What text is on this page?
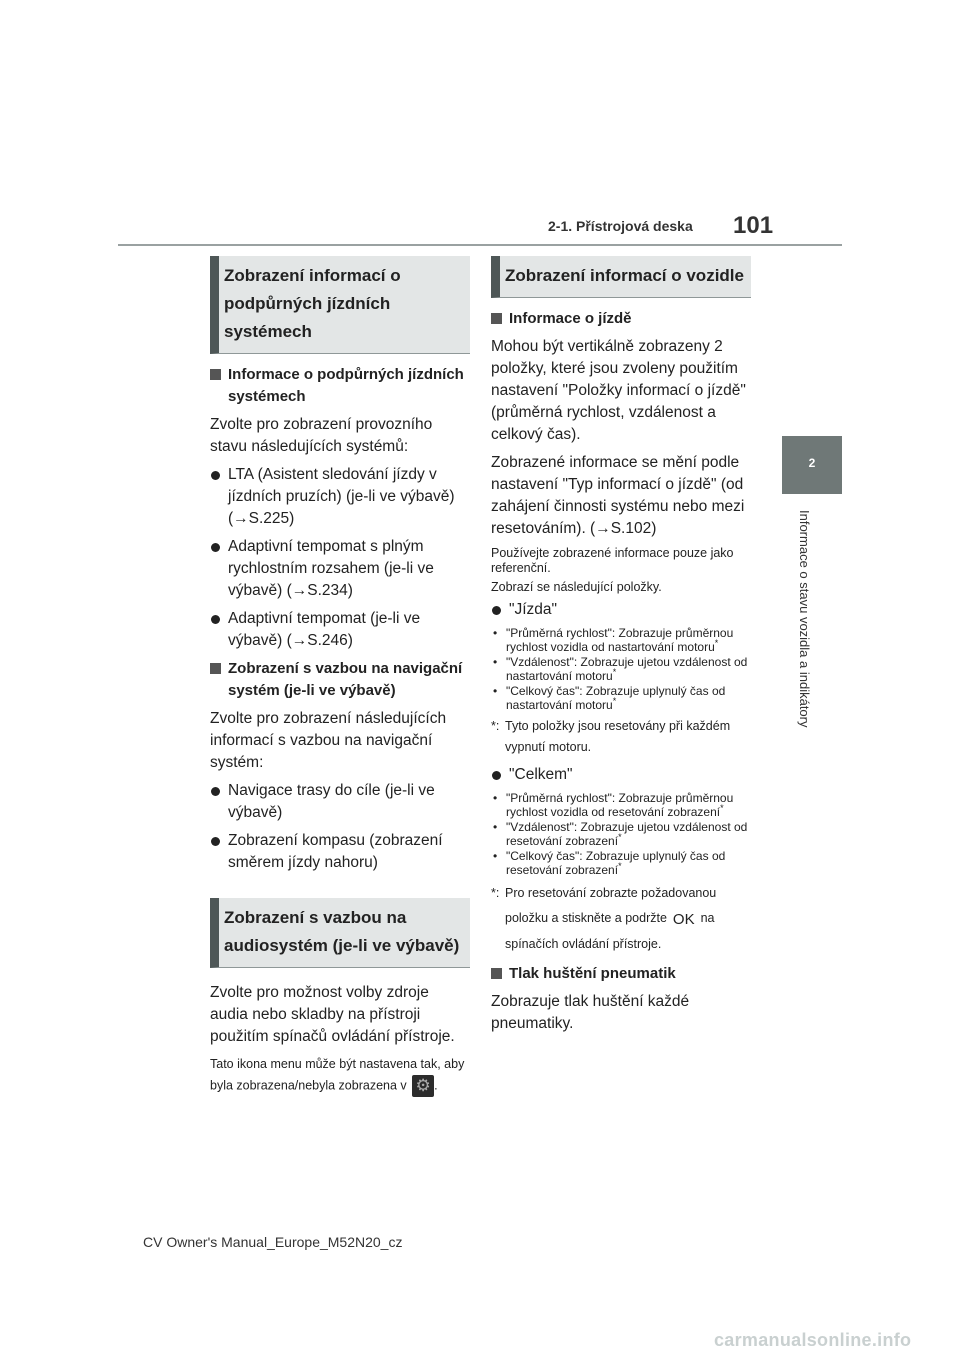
2-1. Přístrojová deska 101
2
Informace o stavu vozidla a indikátory
Zobrazení informací o podpůrných jízdních systémech
Informace o podpůrných jízdních systémech

Zvolte pro zobrazení provozního stavu následujících systémů:

LTA (Asistent sledování jízdy v jízdních pruzích) (je-li ve výbavě) (→S.225)
Adaptivní tempomat s plným rychlostním rozsahem (je-li ve výbavě) (→S.234)
Adaptivní tempomat (je-li ve výbavě) (→S.246)
Zobrazení s vazbou na navigační systém (je-li ve výbavě)

Zvolte pro zobrazení následujících informací s vazbou na navigační systém:

Navigace trasy do cíle (je-li ve výbavě)
Zobrazení kompasu (zobrazení směrem jízdy nahoru)
Zobrazení s vazbou na audiosystém (je-li ve výbavě)

Zvolte pro možnost volby zdroje audia nebo skladby na přístroji použitím spínačů ovládání přístroje.

Tato ikona menu může být nastavena tak, aby byla zobrazena/nebyla zobrazena v ⚙ .

Zobrazení informací o vozidle
Informace o jízdě

Mohou být vertikálně zobrazeny 2 položky, které jsou zvoleny použitím nastavení "Položky informací o jízdě" (průměrná rychlost, vzdálenost a celkový čas).

Zobrazené informace se mění podle nastavení "Typ informací o jízdě" (od zahájení činnosti systému nebo mezi resetováním). (→S.102)

Používejte zobrazené informace pouze jako referenční.

Zobrazí se následující položky.

"Jízda"
• "Průměrná rychlost": Zobrazuje průměrnou rychlost vozidla od nastartování motoru*
• "Vzdálenost": Zobrazuje ujetou vzdálenost od nastartování motoru*
• "Celkový čas": Zobrazuje uplynulý čas od nastartování motoru*
*: Tyto položky jsou resetovány při každém vypnutí motoru.
"Celkem"
• "Průměrná rychlost": Zobrazuje průměrnou rychlost vozidla od resetování zobrazení*
• "Vzdálenost": Zobrazuje ujetou vzdálenost od resetování zobrazení*
• "Celkový čas": Zobrazuje uplynulý čas od resetování zobrazení*
*: Pro resetování zobrazte požadovanou položku a stiskněte a podržte OK na spínačích ovládání přístroje.
Tlak huštění pneumatik

Zobrazuje tlak huštění každé pneumatiky.

CV Owner's Manual_Europe_M52N20_cz
carmanualsonline.info
